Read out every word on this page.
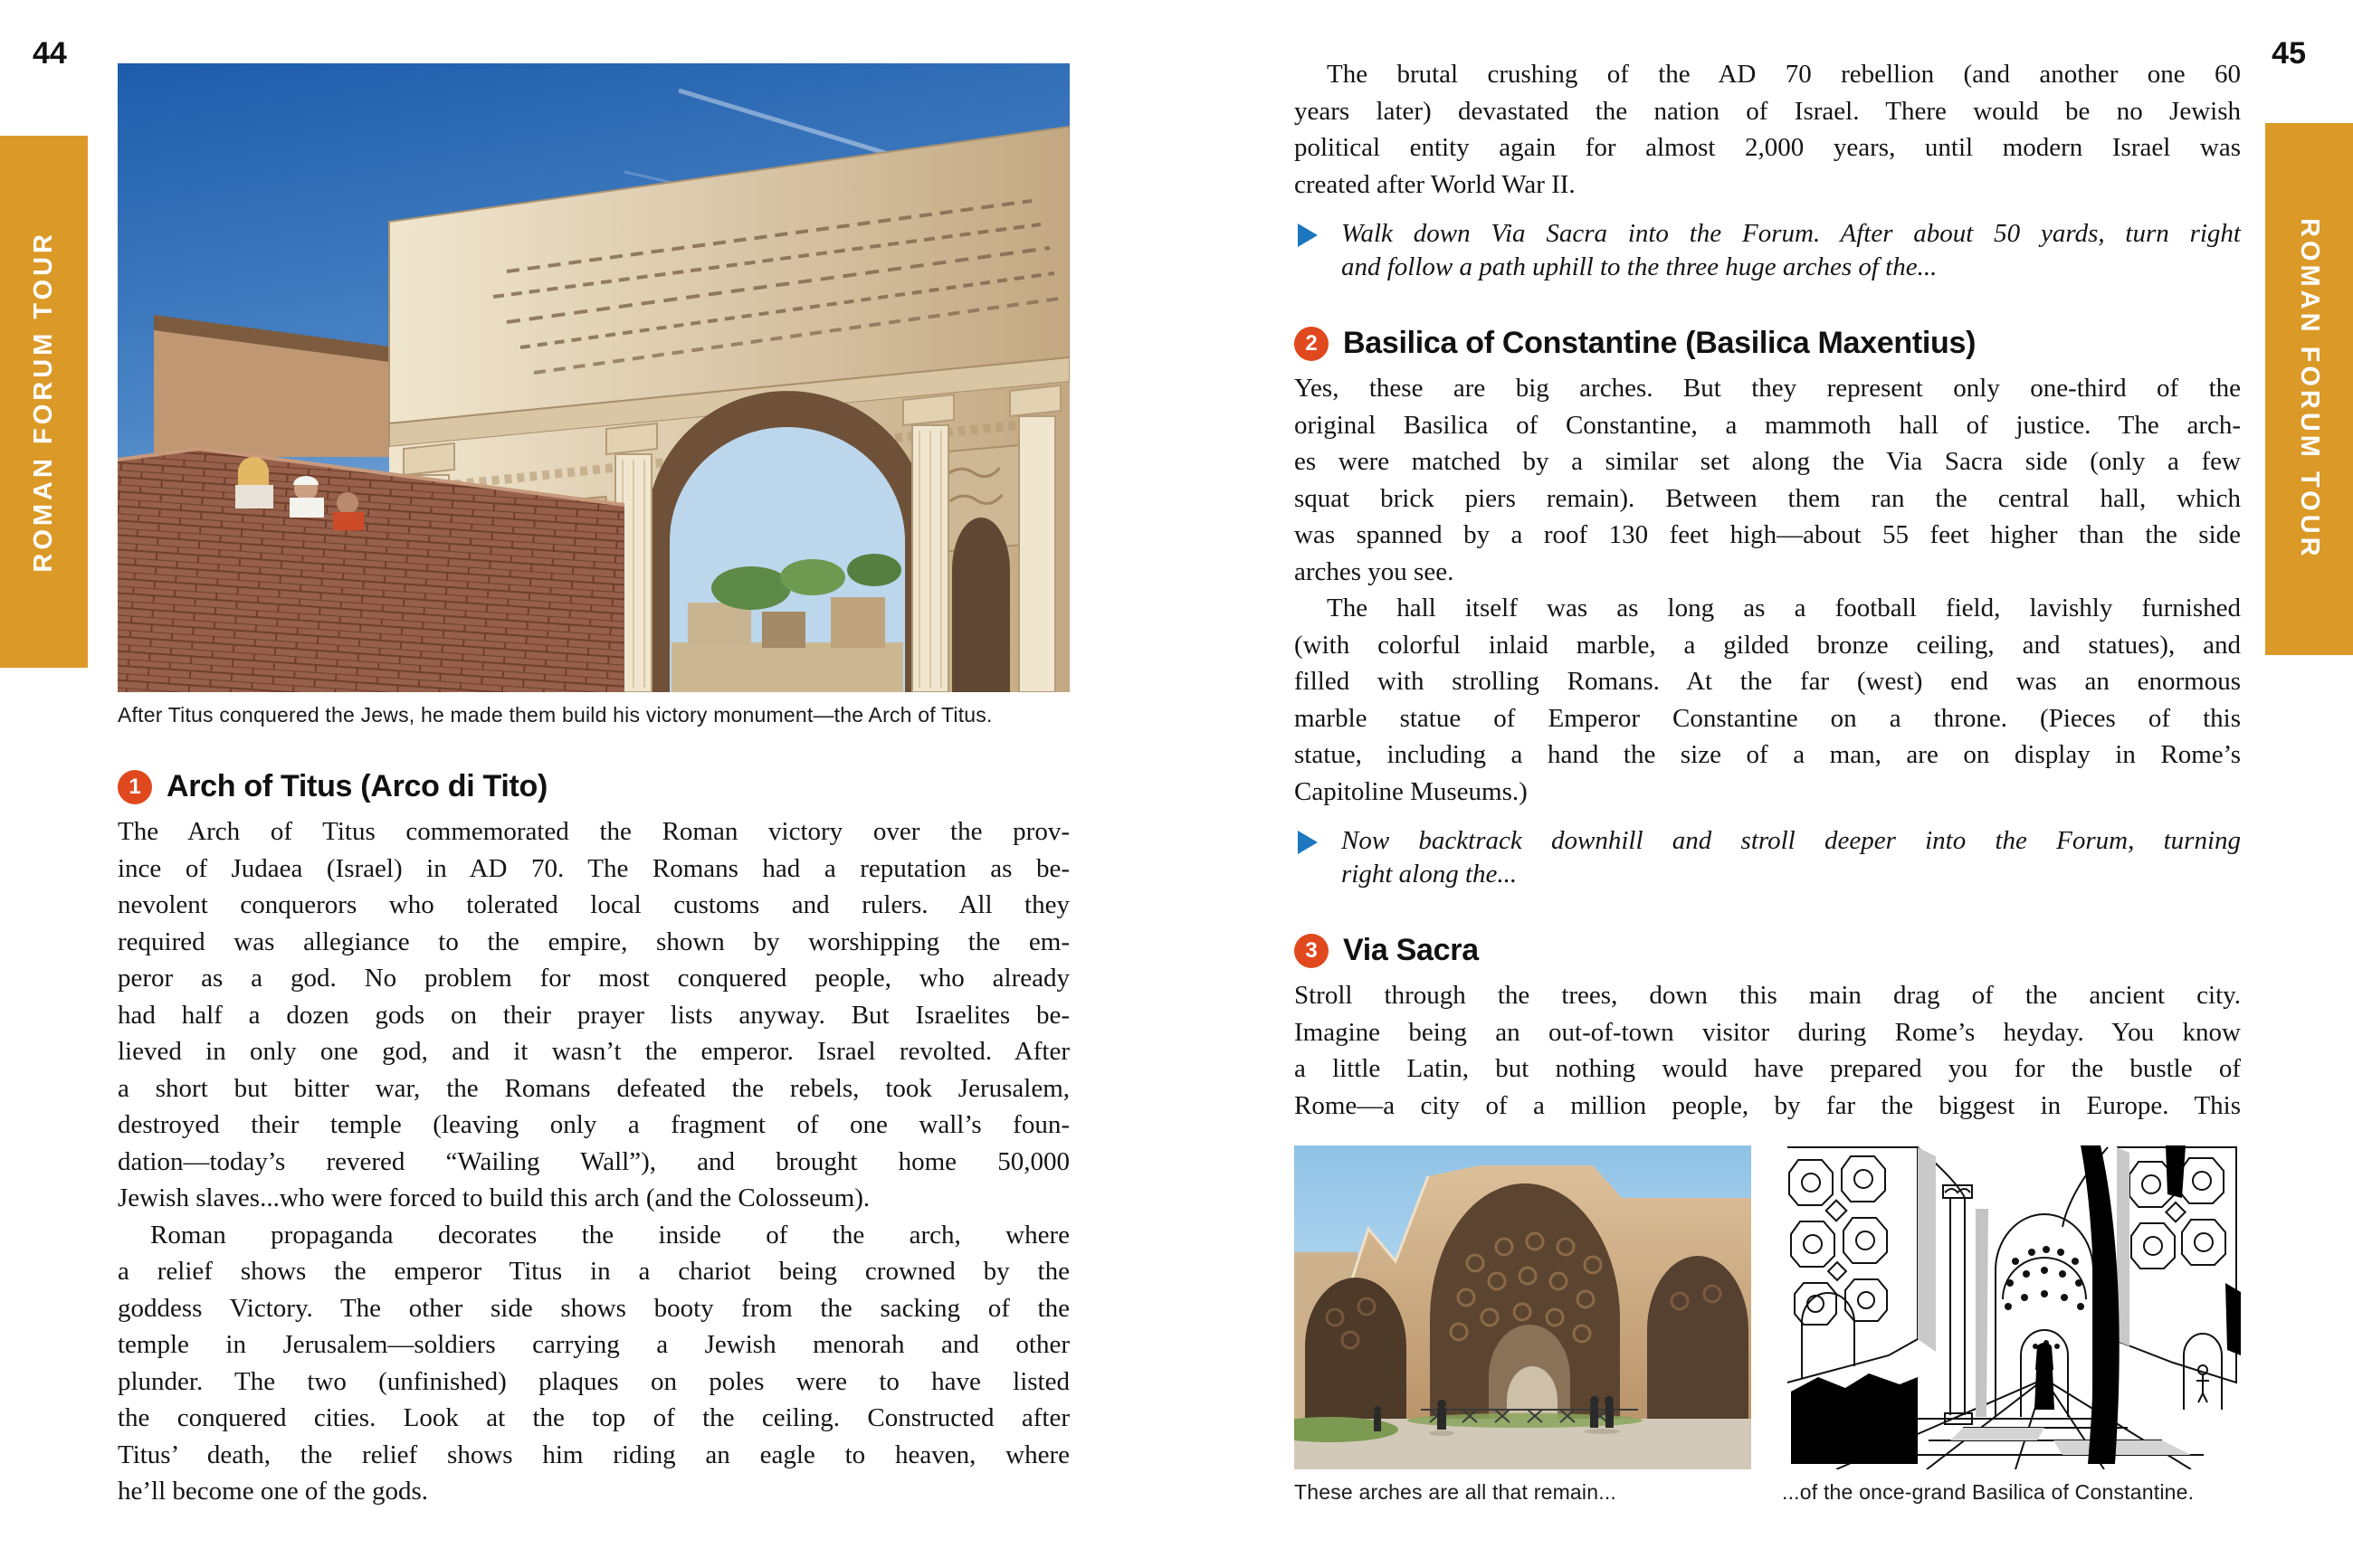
44	45
ROMAN FORUM TOUR	ROMAN FORUM TOUR
After Titus conquered the Jews, he made them build his victory monument—the Arch of Titus.
1 Arch of Titus (Arco di Tito)
The Arch of Titus commemorated the Roman victory over the prov-
ince of Judaea (Israel) in AD 70. The Romans had a reputation as be-
nevolent conquerors who tolerated local customs and rulers. All they
required was allegiance to the empire, shown by worshipping the em-
peror as a god. No problem for most conquered people, who already
had half a dozen gods on their prayer lists anyway. But Israelites be-
lieved in only one god, and it wasn’t the emperor. Israel revolted. After
a short but bitter war, the Romans defeated the rebels, took Jerusalem,
destroyed their temple (leaving only a fragment of one wall’s foun-
dation—today’s revered “Wailing Wall”), and brought home 50,000
Jewish slaves...who were forced to build this arch (and the Colosseum).
Roman propaganda decorates the inside of the arch, where
a relief shows the emperor Titus in a chariot being crowned by the
goddess Victory. The other side shows booty from the sacking of the
temple in Jerusalem—soldiers carrying a Jewish menorah and other
plunder. The two (unfinished) plaques on poles were to have listed
the conquered cities. Look at the top of the ceiling. Constructed after
Titus’ death, the relief shows him riding an eagle to heaven, where
he’ll become one of the gods.
The brutal crushing of the AD 70 rebellion (and another one 60
years later) devastated the nation of Israel. There would be no Jewish
political entity again for almost 2,000 years, until modern Israel was
created after World War II.
Walk down Via Sacra into the Forum. After about 50 yards, turn right
and follow a path uphill to the three huge arches of the...
2 Basilica of Constantine (Basilica Maxentius)
Yes, these are big arches. But they represent only one-third of the
original Basilica of Constantine, a mammoth hall of justice. The arch-
es were matched by a similar set along the Via Sacra side (only a few
squat brick piers remain). Between them ran the central hall, which
was spanned by a roof 130 feet high—about 55 feet higher than the side
arches you see.
The hall itself was as long as a football field, lavishly furnished
(with colorful inlaid marble, a gilded bronze ceiling, and statues), and
filled with strolling Romans. At the far (west) end was an enormous
marble statue of Emperor Constantine on a throne. (Pieces of this
statue, including a hand the size of a man, are on display in Rome’s
Capitoline Museums.)
Now backtrack downhill and stroll deeper into the Forum, turning
right along the...
3 Via Sacra
Stroll through the trees, down this main drag of the ancient city.
Imagine being an out-of-town visitor during Rome’s heyday. You know
a little Latin, but nothing would have prepared you for the bustle of
Rome—a city of a million people, by far the biggest in Europe. This
These arches are all that remain...	...of the once-grand Basilica of Constantine.
